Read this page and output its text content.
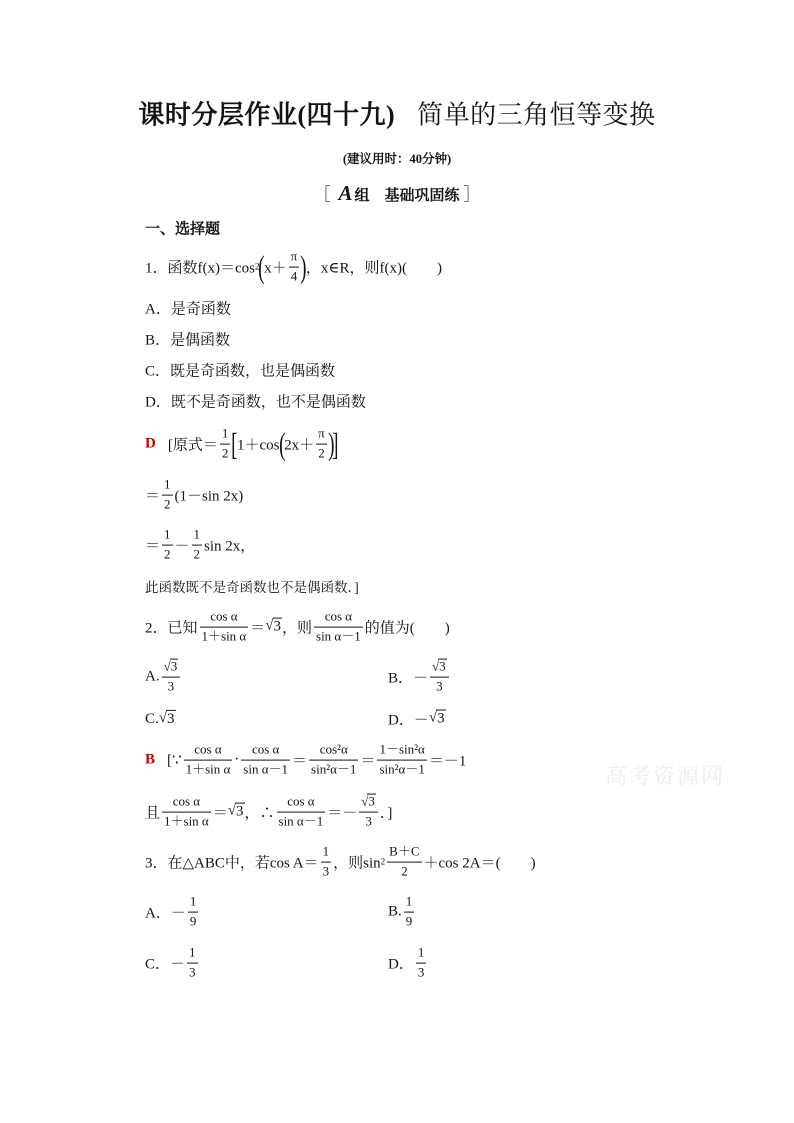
课时分层作业(四十九) 简单的三角恒等变换
(建议用时：40分钟)
［ A 组　基础巩固练 ］
一、选择题
1．函数f(x)＝cos 2 ( $x+ \frac{\pi}{4}$ ) ，x∈R，则f(x)(　　)
A．是奇函数
B．是偶函数
C．既是奇函数，也是偶函数
D．既不是奇函数，也不是偶函数
D [原式＝ $\frac{1}{2}$ [ 1＋cos ( $2x+ \frac{\pi}{2}$ )
]
＝ $\frac{1}{2} (1-\sin$ 2x)
＝ $\frac{1}{2} - \frac{1}{2}$ sin 2x，
此函数既不是奇函数也不是偶函数．]
2．已知 $\frac{\text{cos α}}{\text{1＋sin α}}$ ＝ √ 3 ，则 $\frac{\text{cos α}}{\text{sin α－1}}$ 的值为(　　)
A. $\frac{√ 3}{3}$	B．－ $\frac{√ 3}{3}$
C. √ 3	D．－ √ 3
B [∵ $\frac{\text{cos α}}{\text{1＋sin α}} \cdot \frac{\text{cos α}}{\text{sin α－1}} = \frac{\text{cos²α}}{\text{sin²α－1}} = \frac{\text{1－sin²α}}{\text{sin²α－1}} =-1$
且 $\frac{\text{cos α}}{\text{1＋sin α}}$ ＝ √ 3 ，∴ $\frac{\text{cos α}}{\text{sin α－1}} =- \frac{√ 3}{3}$ ．]
高考资源网
3．在△ABC中，若$\cos A= \frac{1}{3}$ ，则$\sin 2 \frac{B+C}{2} +\cos$ 2A＝(　　)
A．－ $\frac{1}{9}$	B. $\frac{1}{9}$
C．－ $\frac{1}{3}$	D． $\frac{1}{3}$
